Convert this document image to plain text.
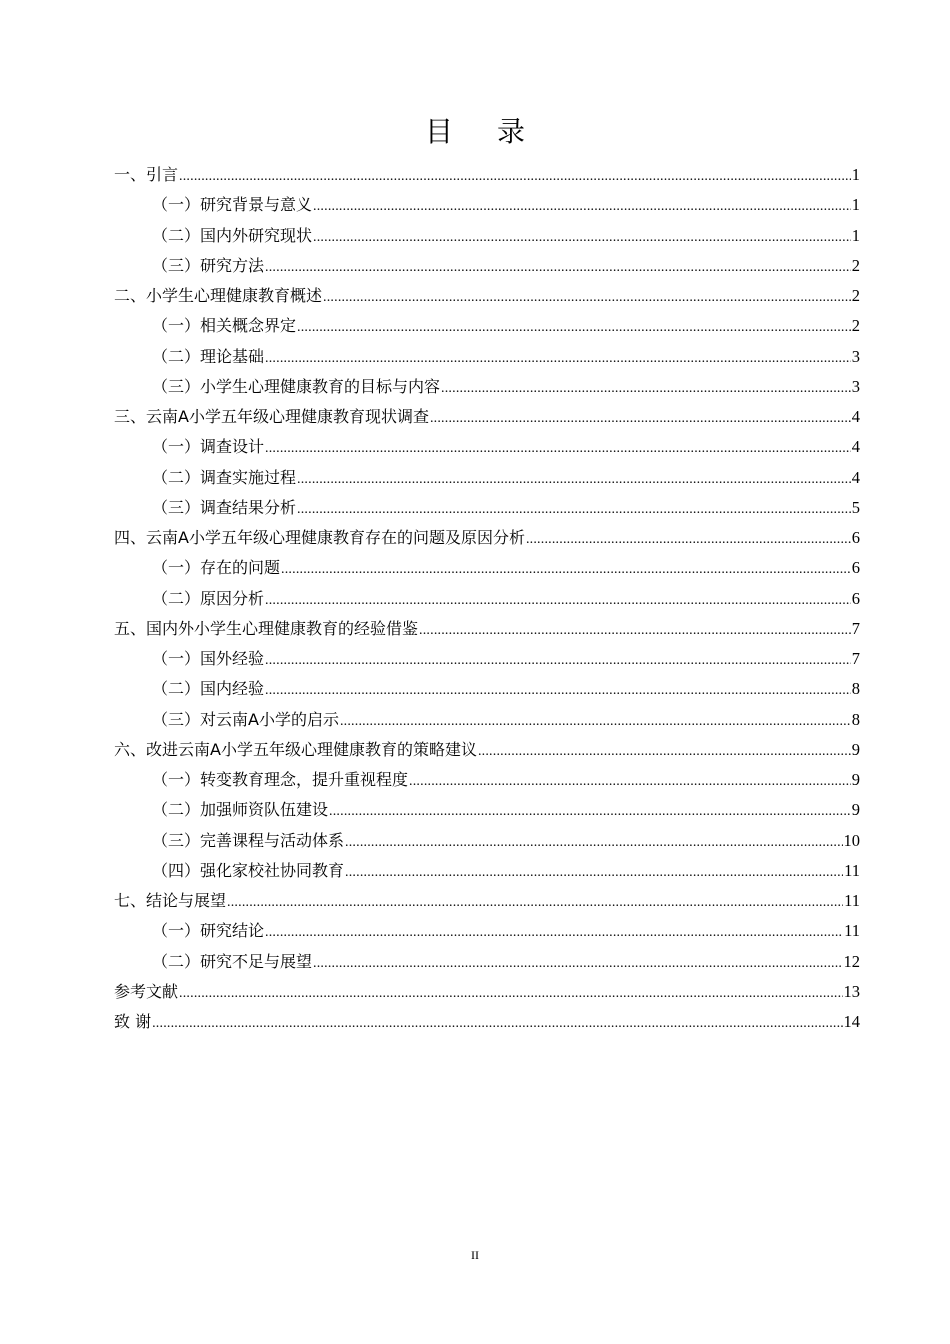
目录
一、引言 .....	1
（一）研究背景与意义 .....	1
（二）国内外研究现状 .....	1
（三）研究方法 .....	2
二、小学生心理健康教育概述 .....	2
（一）相关概念界定 .....	2
（二）理论基础 .....	3
（三）小学生心理健康教育的目标与内容 .....	3
三、云南A小学五年级心理健康教育现状调查 .....	4
（一）调查设计 .....	4
（二）调查实施过程 .....	4
（三）调查结果分析 .....	5
四、云南A小学五年级心理健康教育存在的问题及原因分析 .....	6
（一）存在的问题 .....	6
（二）原因分析 .....	6
五、国内外小学生心理健康教育的经验借鉴 .....	7
（一）国外经验 .....	7
（二）国内经验 .....	8
（三）对云南A小学的启示 .....	8
六、改进云南A小学五年级心理健康教育的策略建议 .....	9
（一）转变教育理念，提升重视程度 .....	9
（二）加强师资队伍建设 .....	9
（三）完善课程与活动体系 .....	10
（四）强化家校社协同教育 .....	11
七、结论与展望 .....	11
（一）研究结论 .....	11
（二）研究不足与展望 .....	12
参考文献 .....	13
致 谢 .....	14
II
